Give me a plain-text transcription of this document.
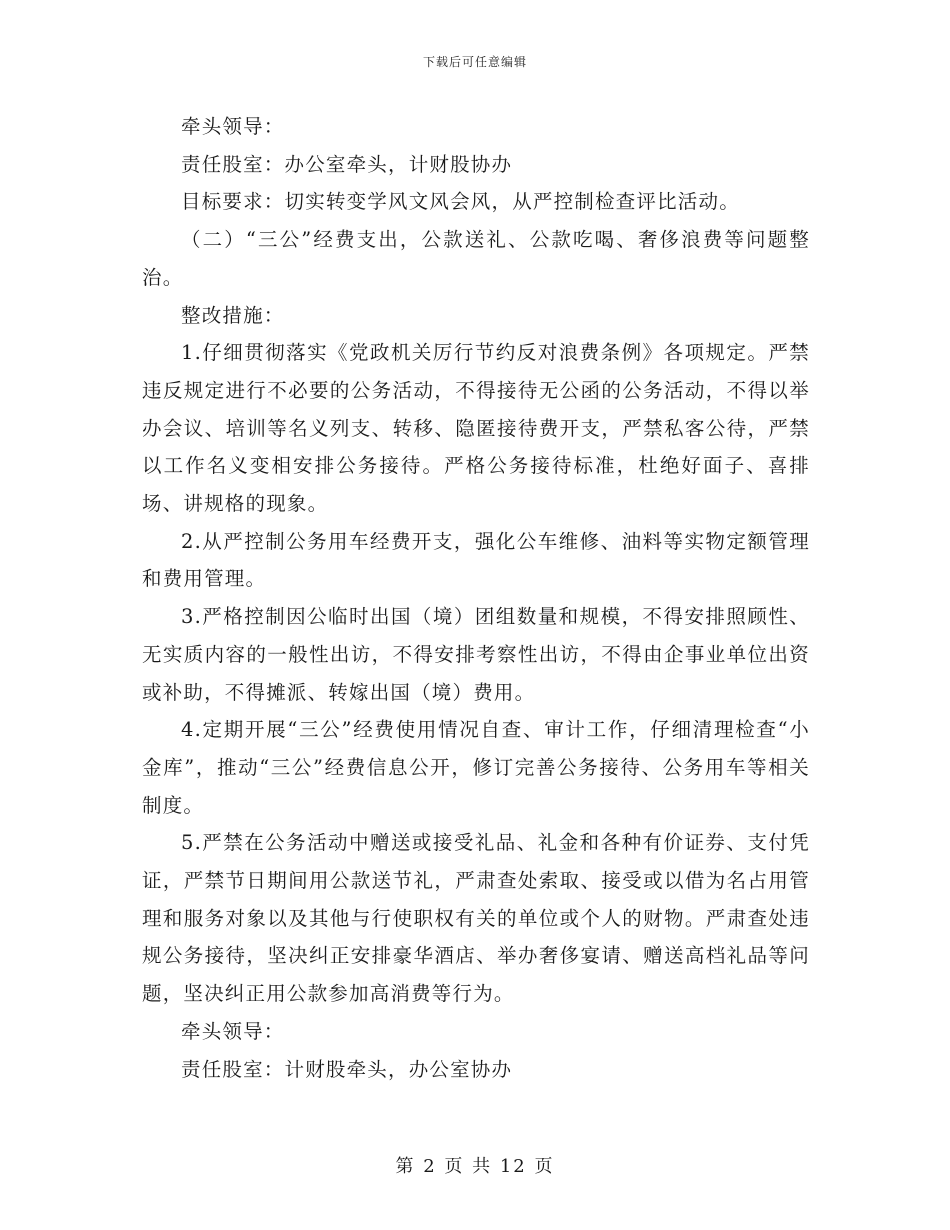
下载后可任意编辑

牵头领导：

责任股室：办公室牵头，计财股协办

目标要求：切实转变学风文风会风，从严控制检查评比活动。

（二）“三公”经费支出，公款送礼、公款吃喝、奢侈浪费等问题整治。

整改措施：

1.仔细贯彻落实《党政机关厉行节约反对浪费条例》各项规定。严禁违反规定进行不必要的公务活动，不得接待无公函的公务活动，不得以举办会议、培训等名义列支、转移、隐匿接待费开支，严禁私客公待，严禁以工作名义变相安排公务接待。严格公务接待标准，杜绝好面子、喜排场、讲规格的现象。

2.从严控制公务用车经费开支，强化公车维修、油料等实物定额管理和费用管理。

3.严格控制因公临时出国（境）团组数量和规模，不得安排照顾性、无实质内容的一般性出访，不得安排考察性出访，不得由企事业单位出资或补助，不得摊派、转嫁出国（境）费用。

4.定期开展“三公”经费使用情况自查、审计工作，仔细清理检查“小金库”，推动“三公”经费信息公开，修订完善公务接待、公务用车等相关制度。

5.严禁在公务活动中赠送或接受礼品、礼金和各种有价证券、支付凭证，严禁节日期间用公款送节礼，严肃查处索取、接受或以借为名占用管理和服务对象以及其他与行使职权有关的单位或个人的财物。严肃查处违规公务接待，坚决纠正安排豪华酒店、举办奢侈宴请、赠送高档礼品等问题，坚决纠正用公款参加高消费等行为。

牵头领导：

责任股室：计财股牵头，办公室协办

第 2 页 共 12 页
